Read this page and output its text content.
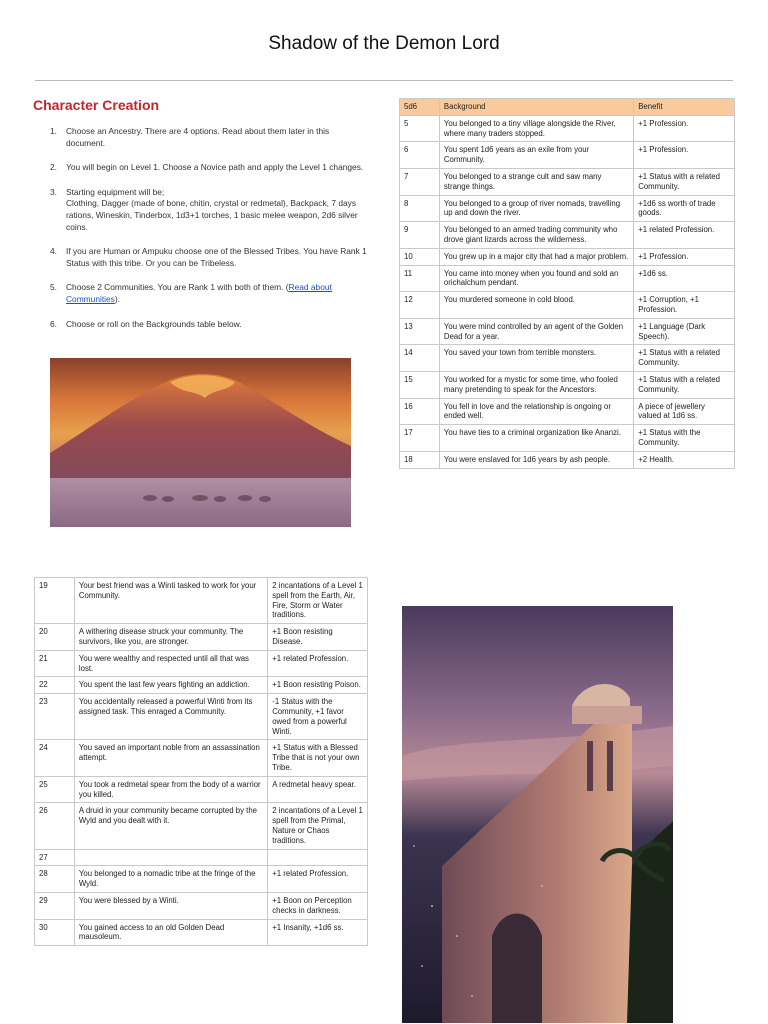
Shadow of the Demon Lord
Character Creation
1. Choose an Ancestry. There are 4 options. Read about them later in this document.
2. You will begin on Level 1. Choose a Novice path and apply the Level 1 changes.
3. Starting equipment will be;
Clothing, Dagger (made of bone, chitin, crystal or redmetal), Backpack, 7 days rations, Wineskin, Tinderbox, 1d3+1 torches, 1 basic melee weapon, 2d6 silver coins.
4. If you are Human or Ampuku choose one of the Blessed Tribes. You have Rank 1 Status with this tribe. Or you can be Tribeless.
5. Choose 2 Communities. You are Rank 1 with both of them. (Read about Communities).
6. Choose or roll on the Backgrounds table below.
5d6	Background	Benefit
5	You belonged to a tiny village alongside the River, where many traders stopped.	+1 Profession.
6	You spent 1d6 years as an exile from your Community.	+1 Profession.
7	You belonged to a strange cult and saw many strange things.	+1 Status with a related Community.
8	You belonged to a group of river nomads, travelling up and down the river.	+1d6 ss worth of trade goods.
9	You belonged to an armed trading community who drove giant lizards across the wilderness.	+1 related Profession.
10	You grew up in a major city that had a major problem.	+1 Profession.
11	You came into money when you found and sold an orichalchum pendant.	+1d6 ss.
12	You murdered someone in cold blood.	+1 Corruption, +1 Profession.
13	You were mind controlled by an agent of the Golden Dead for a year.	+1 Language (Dark Speech).
14	You saved your town from terrible monsters.	+1 Status with a related Community.
15	You worked for a mystic for some time, who fooled many pretending to speak for the Ancestors.	+1 Status with a related Community.
16	You fell in love and the relationship is ongoing or ended well.	A piece of jewellery valued at 1d6 ss.
17	You have ties to a criminal organization like Ananzi.	+1 Status with the Community.
18	You were enslaved for 1d6 years by ash people.	+2 Health.
19	Your best friend was a Winti tasked to work for your Community.	2 incantations of a Level 1 spell from the Earth, Air, Fire, Storm or Water traditions.
20	A withering disease struck your community. The survivors, like you, are stronger.	+1 Boon resisting Disease.
21	You were wealthy and respected until all that was lost.	+1 related Profession.
22	You spent the last few years fighting an addiction.	+1 Boon resisting Poison.
23	You accidentally released a powerful Winti from its assigned task. This enraged a Community.	-1 Status with the Community, +1 favor owed from a powerful Winti.
24	You saved an important noble from an assassination attempt.	+1 Status with a Blessed Tribe that is not your own Tribe.
25	You took a redmetal spear from the body of a warrior you killed.	A redmetal heavy spear.
26	A druid in your community became corrupted by the Wyld and you dealt with it.	2 incantations of a Level 1 spell from the Primal, Nature or Chaos traditions.
27		
28	You belonged to a nomadic tribe at the fringe of the Wyld.	+1 related Profession.
29	You were blessed by a Winti.	+1 Boon on Perception checks in darkness.
30	You gained access to an old Golden Dead mausoleum.	+1 Insanity, +1d6 ss.
